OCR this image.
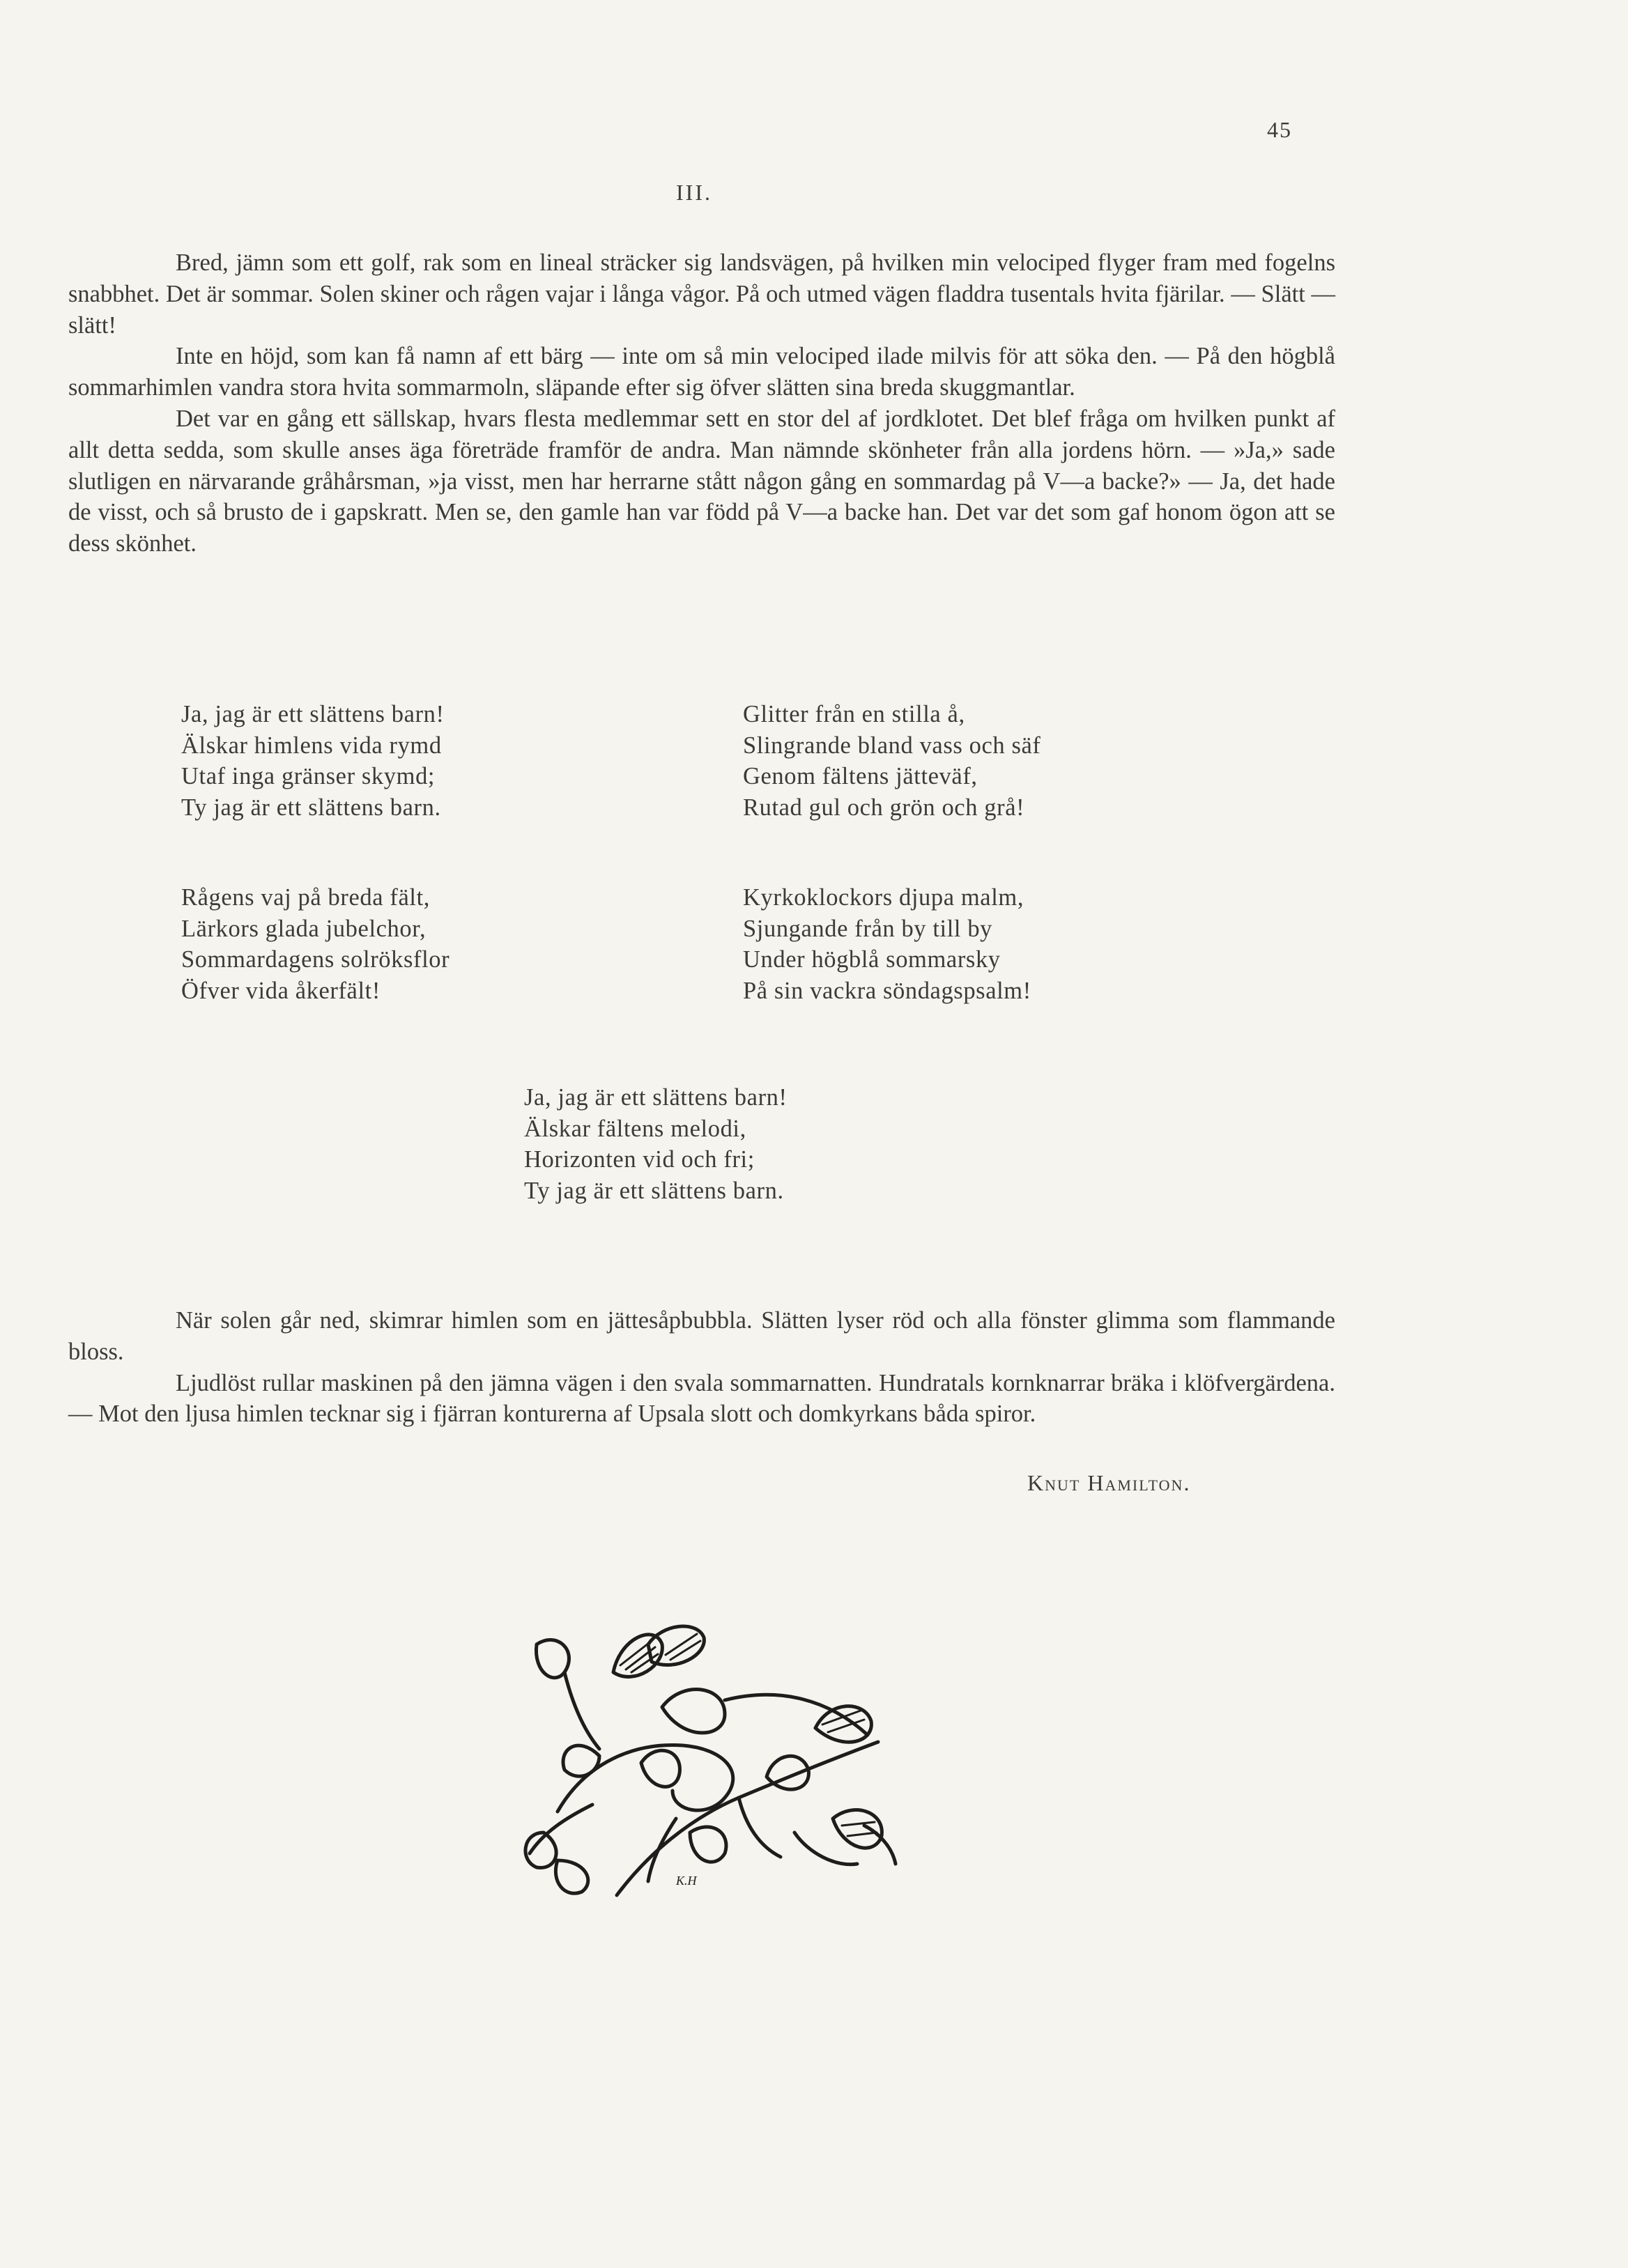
45
III.

Bred, jämn som ett golf, rak som en lineal sträcker sig landsvägen, på hvilken min velociped flyger fram med fogelns snabbhet. Det är sommar. Solen skiner och rågen vajar i långa vågor. På och utmed vägen fladdra tusentals hvita fjärilar. — Slätt — slätt!

Inte en höjd, som kan få namn af ett bärg — inte om så min velociped ilade milvis för att söka den. — På den högblå sommarhimlen vandra stora hvita sommarmoln, släpande efter sig öfver slätten sina breda skuggmantlar.

Det var en gång ett sällskap, hvars flesta medlemmar sett en stor del af jordklotet. Det blef fråga om hvilken punkt af allt detta sedda, som skulle anses äga företräde framför de andra. Man nämnde skönheter från alla jordens hörn. — »Ja,» sade slutligen en närvarande gråhårsman, »ja visst, men har herrarne stått någon gång en sommardag på V—a backe?» — Ja, det hade de visst, och så brusto de i gapskratt. Men se, den gamle han var född på V—a backe han. Det var det som gaf honom ögon att se dess skönhet.

Ja, jag är ett slättens barn!
Älskar himlens vida rymd
Utaf inga gränser skymd;
Ty jag är ett slättens barn.
Glitter från en stilla å,
Slingrande bland vass och säf
Genom fältens jätteväf,
Rutad gul och grön och grå!
Rågens vaj på breda fält,
Lärkors glada jubelchor,
Sommardagens solröksflor
Öfver vida åkerfält!
Kyrkoklockors djupa malm,
Sjungande från by till by
Under högblå sommarsky
På sin vackra söndagspsalm!
Ja, jag är ett slättens barn!
Älskar fältens melodi,
Horizonten vid och fri;
Ty jag är ett slättens barn.

När solen går ned, skimrar himlen som en jättesåpbubbla. Slätten lyser röd och alla fönster glimma som flammande bloss.

Ljudlöst rullar maskinen på den jämna vägen i den svala sommarnatten. Hundratals kornknarrar bräka i klöfvergärdena. — Mot den ljusa himlen tecknar sig i fjärran konturerna af Upsala slott och domkyrkans båda spiror.

Knut Hamilton.
K.H
